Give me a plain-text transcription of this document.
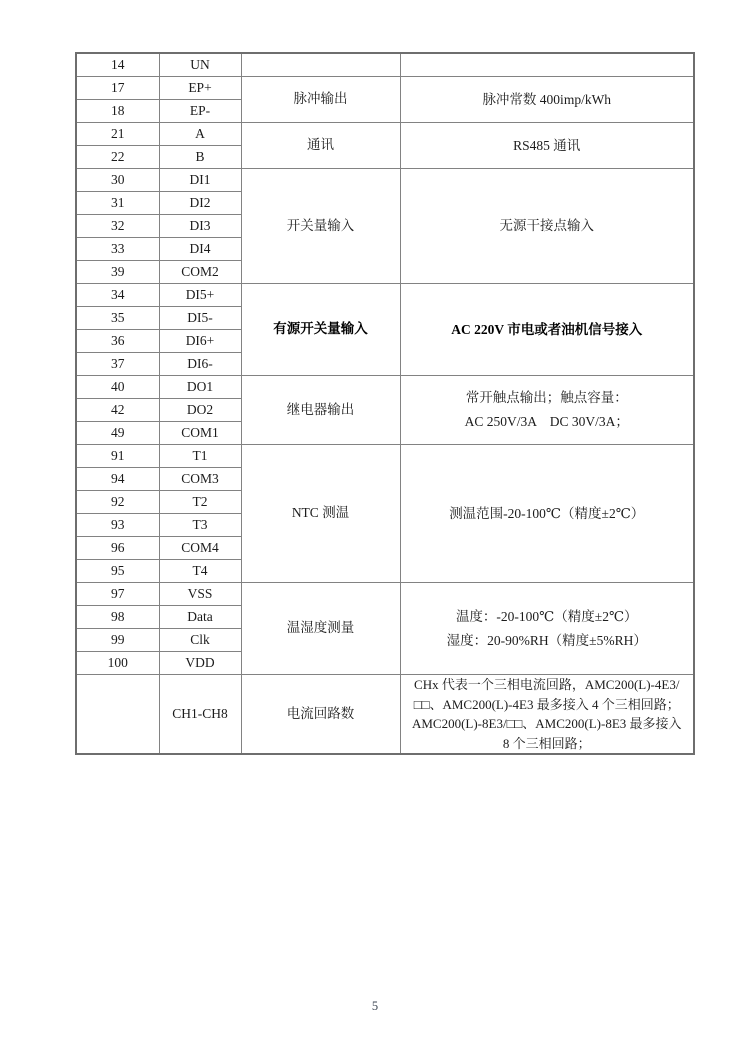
14	UN		
17	EP+	脉冲输出	脉冲常数 400imp/kWh

18	EP-		
21	A	通讯	RS485 通讯

22	B		
30	DI1	开关量输入	无源干接点输入

31	DI2		
32	DI3		
33	DI4		
39	COM2		
34	DI5+	有源开关量输入	AC 220V 市电或者油机信号接入

35	DI5-		
36	DI6+		
37	DI6-		
40	DO1	继电器输出	常开触点输出；触点容量：
AC 250V/3A    DC 30V/3A；

42	DO2		
49	COM1		
91	T1	NTC 测温	测温范围-20-100℃（精度±2℃）

94	COM3		
92	T2		
93	T3		
96	COM4		
95	T4		
97	VSS	温湿度测量	温度：-20-100℃（精度±2℃）
湿度：20-90%RH（精度±5%RH）

98	Data		
99	Clk		
100	VDD		
	CH1-CH8	电流回路数	CHx 代表一个三相电流回路，AMC200(L)-4E3/
□□、AMC200(L)-4E3 最多接入 4 个三相回路；
AMC200(L)-8E3/□□、AMC200(L)-8E3 最多接入
8 个三相回路；
5
